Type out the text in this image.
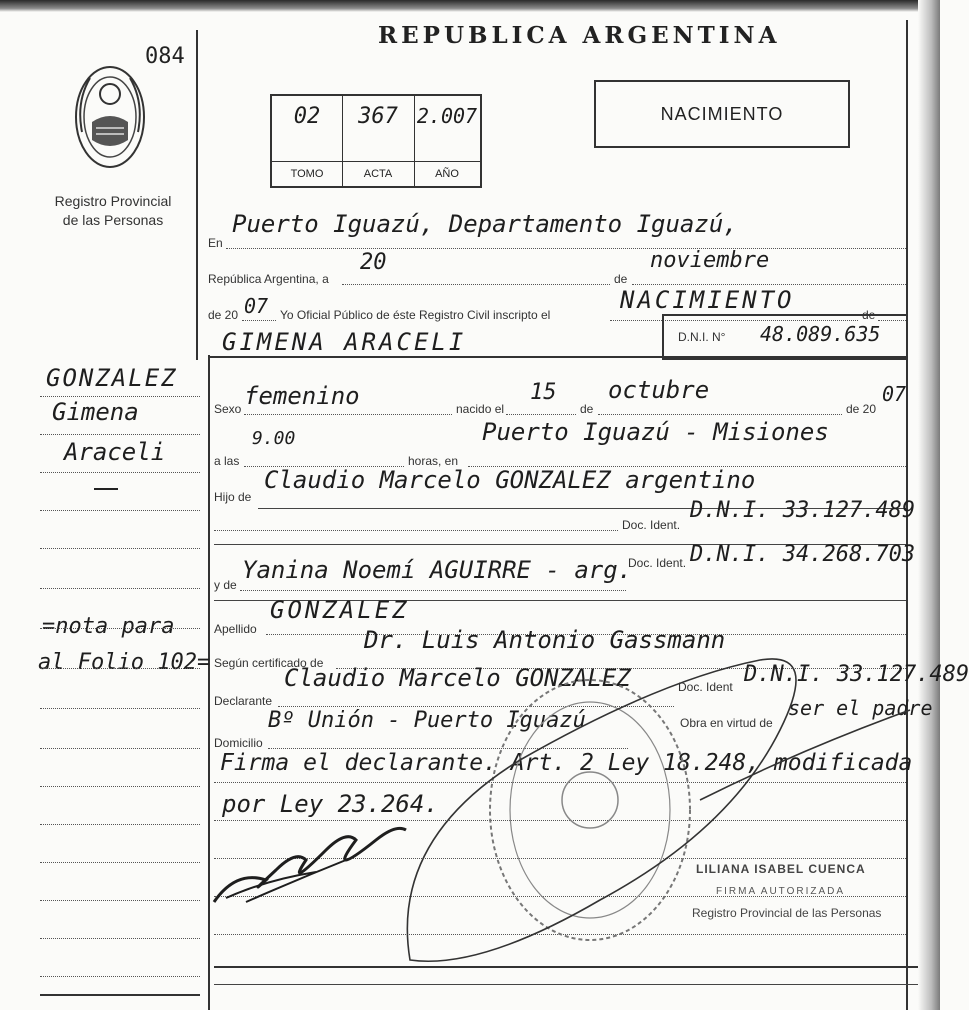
REPUBLICA ARGENTINA
084
Registro Provincial
de las Personas
02
TOMO
367
ACTA
2.007
AÑO
NACIMIENTO
En
Puerto Iguazú, Departamento Iguazú,
República Argentina, a
20
de
noviembre
de 20 07 Yo Oficial Público de éste Registro Civil inscripto el
NACIMIENTO
de
GIMENA ARACELI	D.N.I. N° 48.089.635
Sexo femenino	nacido el
15
de
octubre
de 20
07
a las
9.00
horas, en
Puerto Iguazú - Misiones
Hijo de
Claudio Marcelo GONZALEZ argentino
Doc. Ident.
D.N.I. 33.127.489
y de
Yanina Noemí AGUIRRE - arg.
Doc. Ident. D.N.I. 34.268.703
Apellido
GONZALEZ
Según certificado de
Dr. Luis Antonio Gassmann
Declarante
Claudio Marcelo GONZALEZ	Doc. Ident D.N.I. 33.127.489
Domicilio
Bº Unión - Puerto Iguazú	Obra en virtud de
ser el padre
Firma el declarante. Art. 2 Ley 18.248, modificada
por Ley 23.264.
LILIANA ISABEL CUENCA
FIRMA AUTORIZADA
Registro Provincial de las Personas
GONZALEZ
Gimena
Araceli
=nota para
al Folio 102=
